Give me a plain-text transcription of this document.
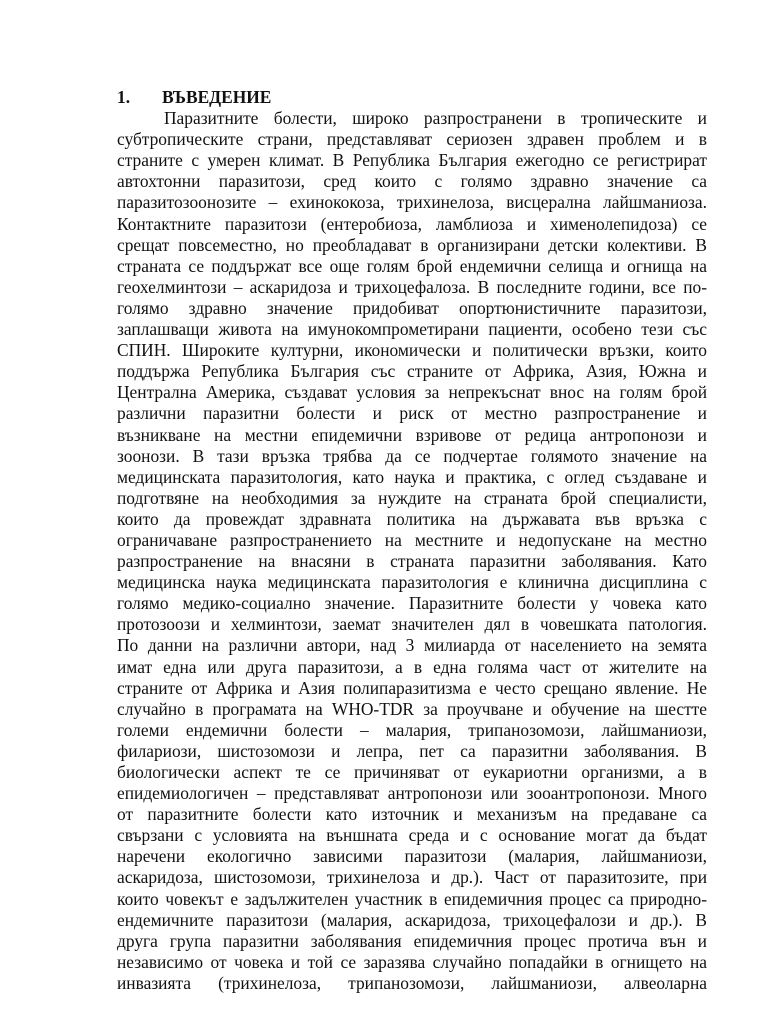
1. ВЪВЕДЕНИЕ
Паразитните болести, широко разпространени в тропическите и
субтропическите страни, представляват сериозен здравен проблем и в
страните с умерен климат. В Република България ежегодно се регистрират
автохтонни паразитози, сред които с голямо здравно значение са
паразитозоонозите – ехинококоза, трихинелоза, висцерална лайшманиоза.
Контактните паразитози (ентеробиоза, ламблиоза и хименолепидоза) се
срещат повсеместно, но преобладават в организирани детски колективи. В
страната се поддържат все още голям брой ендемични селища и огнища на
геохелминтози – аскаридоза и трихоцефалоза. В последните години, все по-
голямо здравно значение придобиват опортюнистичните паразитози,
заплашващи живота на имунокомпрометирани пациенти, особено тези със
СПИН. Широките културни, икономически и политически връзки, които
поддържа Република България със страните от Африка, Азия, Южна и
Централна Америка, създават условия за непрекъснат внос на голям брой
различни паразитни болести и риск от местно разпространение и
възникване на местни епидемични взривове от редица антропонози и
зоонози. В тази връзка трябва да се подчертае голямото значение на
медицинската паразитология, като наука и практика, с оглед създаване и
подготвяне на необходимия за нуждите на страната брой специалисти,
които да провеждат здравната политика на държавата във връзка с
ограничаване разпространението на местните и недопускане на местно
разпространение на внасяни в страната паразитни заболявания. Като
медицинска наука медицинската паразитология е клинична дисциплина с
голямо медико-социално значение. Паразитните болести у човека като
протозоози и хелминтози, заемат значителен дял в човешката патология.
По данни на различни автори, над 3 милиарда от населението на земята
имат една или друга паразитози, а в една голяма част от жителите на
страните от Африка и Азия полипаразитизма е често срещано явление. Не
случайно в програмата на WHO-TDR за проучване и обучение на шестте
големи ендемични болести – малария, трипанозомози, лайшманиози,
филариози, шистозомози и лепра, пет са паразитни заболявания. В
биологически аспект те се причиняват от еукариотни организми, а в
епидемиологичен – представляват антропонози или зооантропонози. Много
от паразитните болести като източник и механизъм на предаване са
свързани с условията на външната среда и с основание могат да бъдат
наречени екологично зависими паразитози (малария, лайшманиози,
аскаридоза, шистозомози, трихинелоза и др.). Част от паразитозите, при
които човекът е задължителен участник в епидемичния процес са природно-
ендемичните паразитози (малария, аскаридоза, трихоцефалози и др.). В
друга група паразитни заболявания епидемичния процес протича вън и
независимо от човека и той се заразява случайно попадайки в огнището на
инвазията (трихинелоза, трипанозомози, лайшманиози, алвеоларна
